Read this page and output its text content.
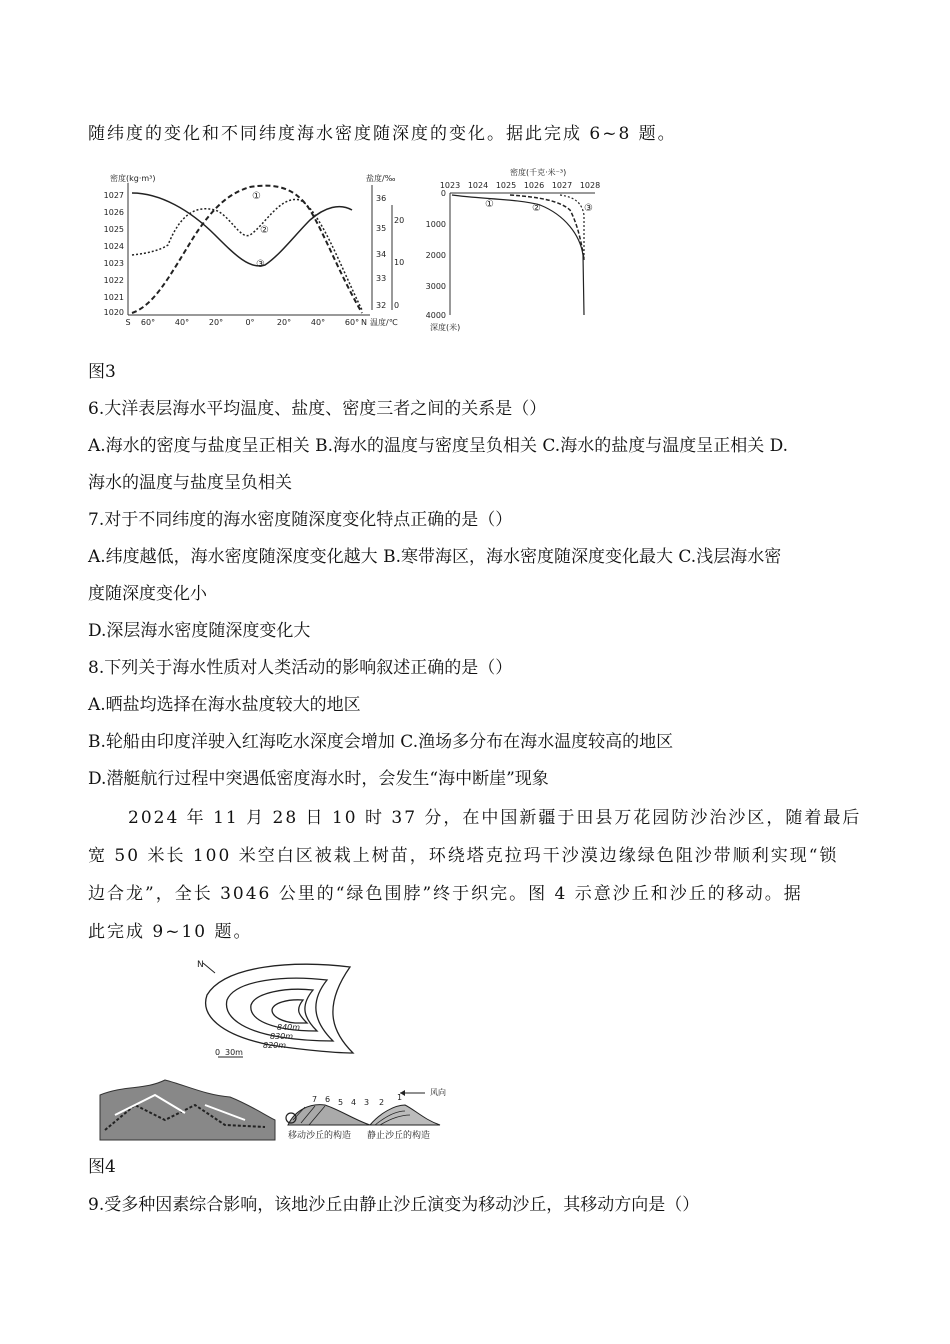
随纬度的变化和不同纬度海水密度随深度的变化。据此完成 6~8 题。
密度(kg·m³)
1027
1026
1025
1024
1023
1022
1021
1020
盐度/‰
36
35
34
33
32
20
10
0
温度/℃
S 60° 40° 20°	0°	20° 40° 60° N
①
②
③
密度(千克·米⁻³)
1023 1024 1025 1026 1027 1028
0
1000
2000
3000
4000
深度(米)
①	②	③
图3
6.大洋表层海水平均温度、盐度、密度三者之间的关系是（）
A.海水的密度与盐度呈正相关 B.海水的温度与密度呈负相关 C.海水的盐度与温度呈正相关 D.
海水的温度与盐度呈负相关
7.对于不同纬度的海水密度随深度变化特点正确的是（）
A.纬度越低，海水密度随深度变化越大 B.寒带海区，海水密度随深度变化最大 C.浅层海水密
度随深度变化小
D.深层海水密度随深度变化大
8.下列关于海水性质对人类活动的影响叙述正确的是（）
A.晒盐均选择在海水盐度较大的地区
B.轮船由印度洋驶入红海吃水深度会增加 C.渔场多分布在海水温度较高的地区
D.潜艇航行过程中突遇低密度海水时，会发生“海中断崖”现象
2024 年 11 月 28 日 10 时 37 分，在中国新疆于田县万花园防沙治沙区，随着最后
宽 50 米长 100 米空白区被栽上树苗，环绕塔克拉玛干沙漠边缘绿色阻沙带顺利实现“锁
边合龙”，全长 3046 公里的“绿色围脖”终于织完。图 4 示意沙丘和沙丘的移动。据
此完成 9~10 题。
N
840m
830m
820m
0 30m
风向
7 6 5 4 3 2
1
移动沙丘的构造 静止沙丘的构造
图4
9.受多种因素综合影响，该地沙丘由静止沙丘演变为移动沙丘，其移动方向是（）
